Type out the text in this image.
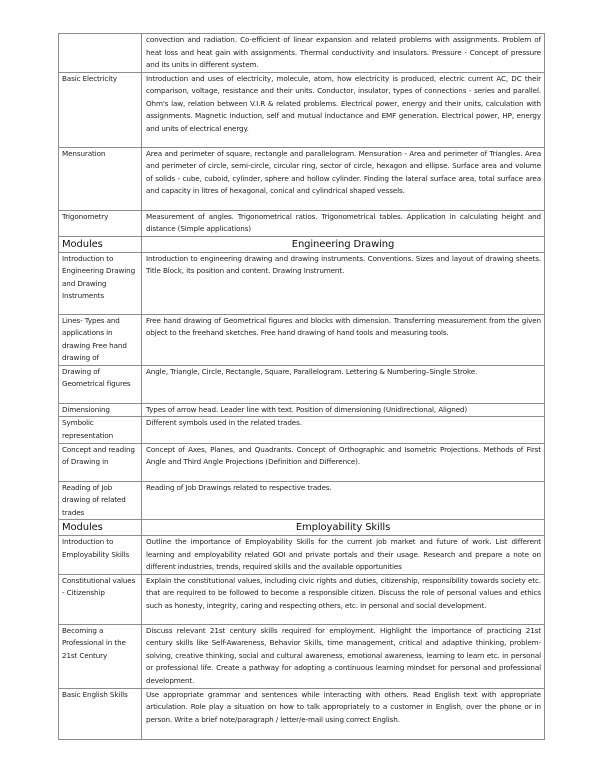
	convection and radiation. Co-efficient of linear expansion and related problems with assignments. Problem of heat loss and heat gain with assignments. Thermal conductivity and insulators. Pressure - Concept of pressure and its units in different system.
Basic Electricity	Introduction and uses of electricity, molecule, atom, how electricity is produced, electric current AC, DC their comparison, voltage, resistance and their units. Conductor, insulator, types of connections - series and parallel. Ohm's law, relation between V.I.R & related problems. Electrical power, energy and their units, calculation with assignments. Magnetic induction, self and mutual inductance and EMF generation. Electrical power, HP, energy and units of electrical energy.
Mensuration	Area and perimeter of square, rectangle and parallelogram. Mensuration - Area and perimeter of Triangles. Area and perimeter of circle, semi-circle, circular ring, sector of circle, hexagon and ellipse. Surface area and volume of solids - cube, cuboid, cylinder, sphere and hollow cylinder. Finding the lateral surface area, total surface area and capacity in litres of hexagonal, conical and cylindrical shaped vessels.
Trigonometry	Measurement of angles. Trigonometrical ratios. Trigonometrical tables. Application in calculating height and distance (Simple applications)
Modules	Engineering Drawing
Introduction to Engineering Drawing and Drawing Instruments	Introduction to engineering drawing and drawing instruments. Conventions. Sizes and layout of drawing sheets. Title Block, its position and content. Drawing Instrument.
Lines- Types and applications in drawing Free hand drawing of	Free hand drawing of Geometrical figures and blocks with dimension. Transferring measurement from the given object to the freehand sketches. Free hand drawing of hand tools and measuring tools.
Drawing of Geometrical figures	Angle, Triangle, Circle, Rectangle, Square, Parallelogram. Lettering & Numbering–Single Stroke.
Dimensioning	Types of arrow head. Leader line with text. Position of dimensioning (Unidirectional, Aligned)
Symbolic representation	Different symbols used in the related trades.
Concept and reading of Drawing in	Concept of Axes, Planes, and Quadrants. Concept of Orthographic and Isometric Projections. Methods of First Angle and Third Angle Projections (Definition and Difference).
Reading of Job drawing of related trades	Reading of Job Drawings related to respective trades.
Modules	Employability Skills
Introduction to Employability Skills	Outline the importance of Employability Skills for the current job market and future of work. List different learning and employability related GOI and private portals and their usage. Research and prepare a note on different industries, trends, required skills and the available opportunities
Constitutional values - Citizenship	Explain the constitutional values, including civic rights and duties, citizenship, responsibility towards society etc. that are required to be followed to become a responsible citizen. Discuss the role of personal values and ethics such as honesty, integrity, caring and respecting others, etc. in personal and social development.
Becoming a Professional in the 21st Century	Discuss relevant 21st century skills required for employment. Highlight the importance of practicing 21st century skills like Self-Awareness, Behavior Skills, time management, critical and adaptive thinking, problem-solving, creative thinking, social and cultural awareness, emotional awareness, learning to learn etc. in personal or professional life. Create a pathway for adopting a continuous learning mindset for personal and professional development.
Basic English Skills	Use appropriate grammar and sentences while interacting with others. Read English text with appropriate articulation. Role play a situation on how to talk appropriately to a customer in English, over the phone or in person. Write a brief note/paragraph / letter/e-mail using correct English.
